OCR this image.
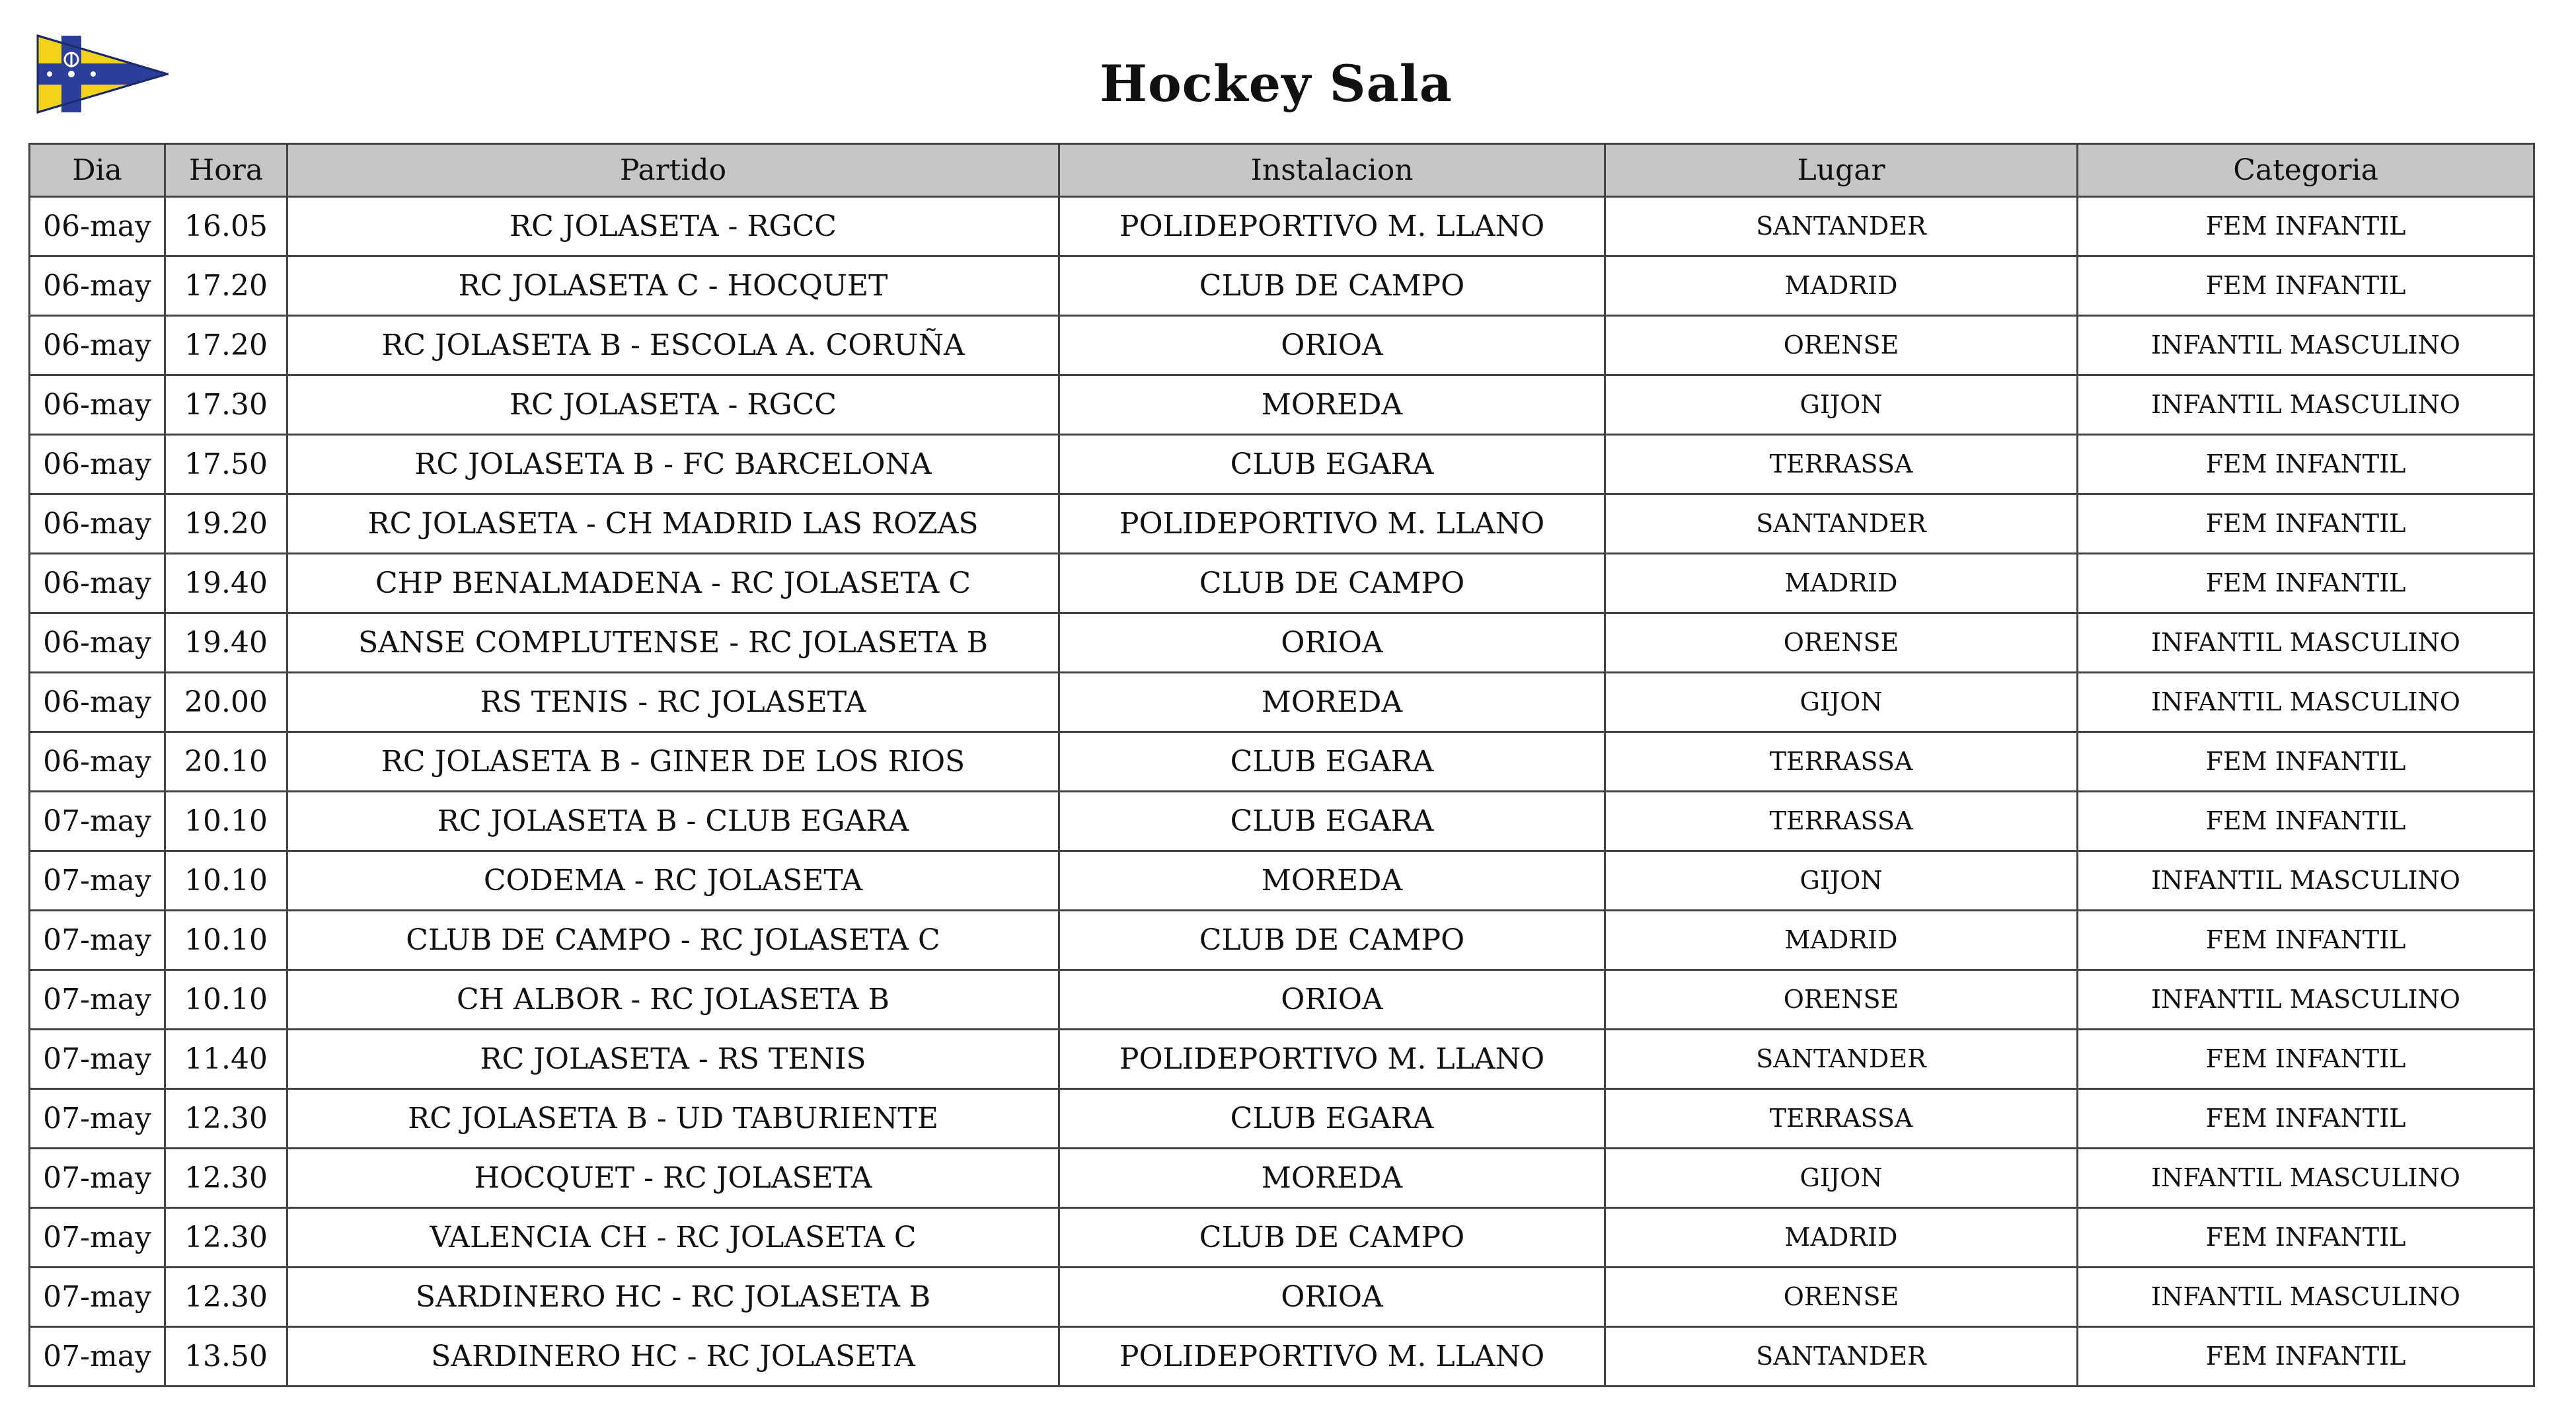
Hockey Sala
Dia	Hora	Partido	Instalacion	Lugar	Categoria
06-may	16.05	RC JOLASETA - RGCC	POLIDEPORTIVO M. LLANO	SANTANDER	FEM INFANTIL
06-may	17.20	RC JOLASETA C - HOCQUET	CLUB DE CAMPO	MADRID	FEM INFANTIL
06-may	17.20	RC JOLASETA B - ESCOLA A. CORUÑA	ORIOA	ORENSE	INFANTIL MASCULINO
06-may	17.30	RC JOLASETA - RGCC	MOREDA	GIJON	INFANTIL MASCULINO
06-may	17.50	RC JOLASETA B - FC BARCELONA	CLUB EGARA	TERRASSA	FEM INFANTIL
06-may	19.20	RC JOLASETA - CH MADRID LAS ROZAS	POLIDEPORTIVO M. LLANO	SANTANDER	FEM INFANTIL
06-may	19.40	CHP BENALMADENA - RC JOLASETA C	CLUB DE CAMPO	MADRID	FEM INFANTIL
06-may	19.40	SANSE COMPLUTENSE - RC JOLASETA B	ORIOA	ORENSE	INFANTIL MASCULINO
06-may	20.00	RS TENIS - RC JOLASETA	MOREDA	GIJON	INFANTIL MASCULINO
06-may	20.10	RC JOLASETA B - GINER DE LOS RIOS	CLUB EGARA	TERRASSA	FEM INFANTIL
07-may	10.10	RC JOLASETA B - CLUB EGARA	CLUB EGARA	TERRASSA	FEM INFANTIL
07-may	10.10	CODEMA - RC JOLASETA	MOREDA	GIJON	INFANTIL MASCULINO
07-may	10.10	CLUB DE CAMPO - RC JOLASETA C	CLUB DE CAMPO	MADRID	FEM INFANTIL
07-may	10.10	CH ALBOR - RC JOLASETA B	ORIOA	ORENSE	INFANTIL MASCULINO
07-may	11.40	RC JOLASETA - RS TENIS	POLIDEPORTIVO M. LLANO	SANTANDER	FEM INFANTIL
07-may	12.30	RC JOLASETA B - UD TABURIENTE	CLUB EGARA	TERRASSA	FEM INFANTIL
07-may	12.30	HOCQUET - RC JOLASETA	MOREDA	GIJON	INFANTIL MASCULINO
07-may	12.30	VALENCIA CH - RC JOLASETA C	CLUB DE CAMPO	MADRID	FEM INFANTIL
07-may	12.30	SARDINERO HC - RC JOLASETA B	ORIOA	ORENSE	INFANTIL MASCULINO
07-may	13.50	SARDINERO HC - RC JOLASETA	POLIDEPORTIVO M. LLANO	SANTANDER	FEM INFANTIL
